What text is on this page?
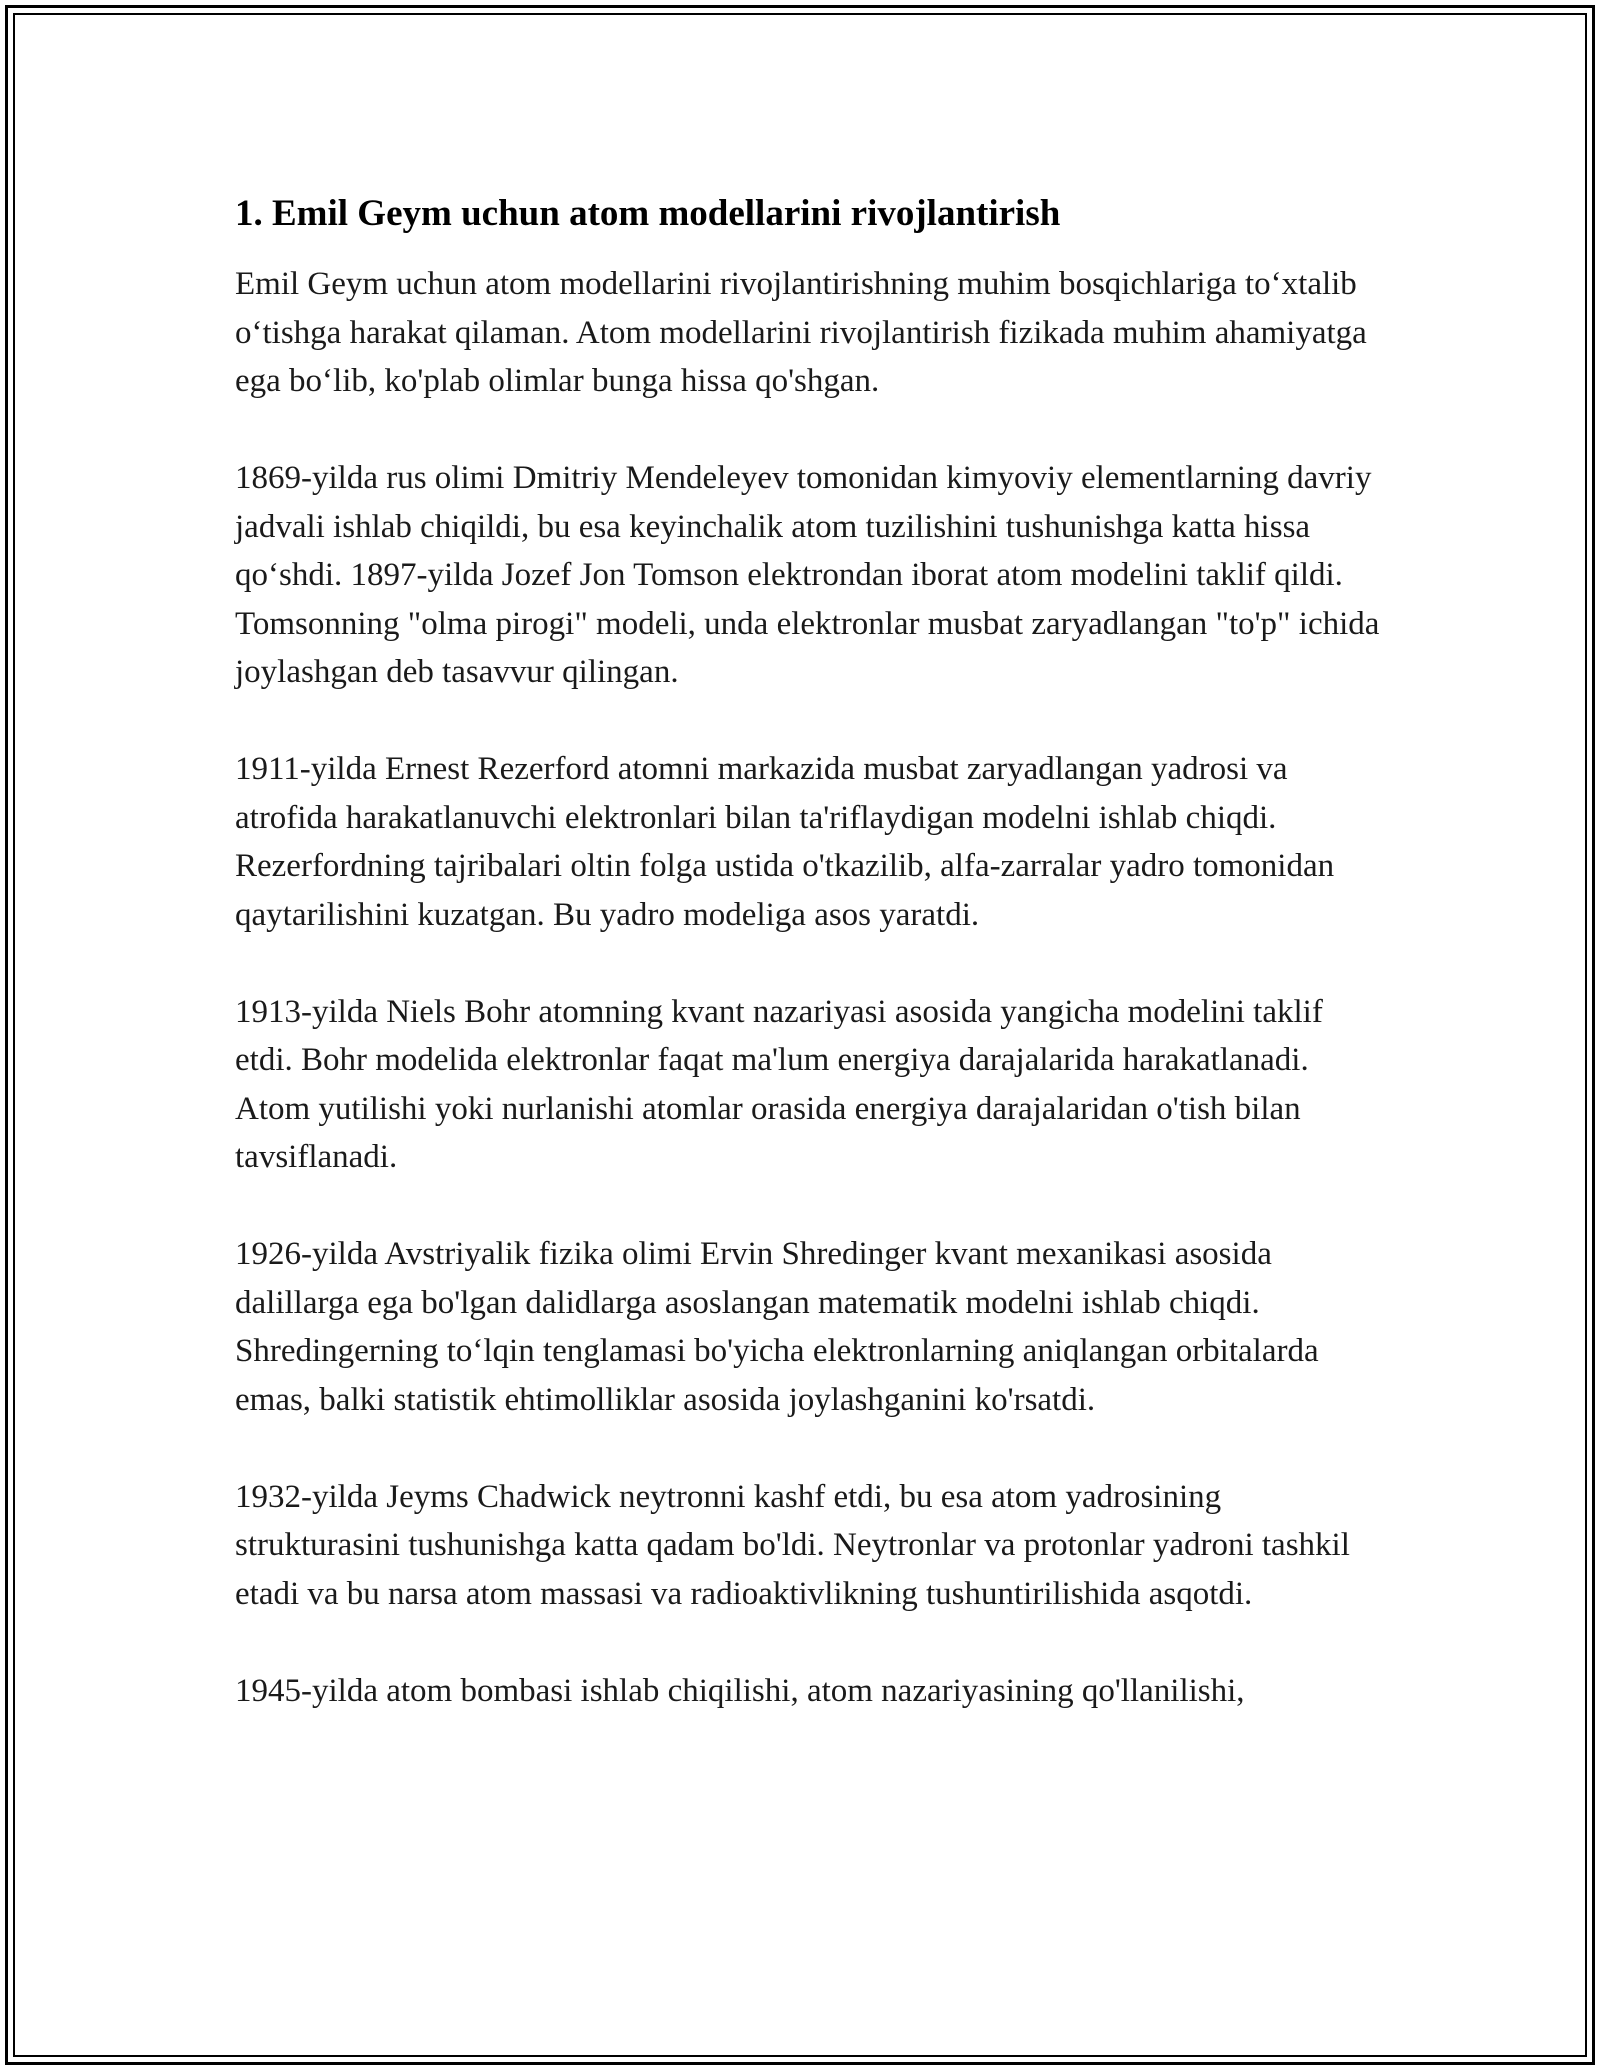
1. Emil Geym uchun atom modellarini rivojlantirish

Emil Geym uchun atom modellarini rivojlantirishning muhim bosqichlariga to‘xtalib o‘tishga harakat qilaman. Atom modellarini rivojlantirish fizikada muhim ahamiyatga ega bo‘lib, ko'plab olimlar bunga hissa qo'shgan.

1869-yilda rus olimi Dmitriy Mendeleyev tomonidan kimyoviy elementlarning davriy jadvali ishlab chiqildi, bu esa keyinchalik atom tuzilishini tushunishga katta hissa qo‘shdi. 1897-yilda Jozef Jon Tomson elektrondan iborat atom modelini taklif qildi. Tomsonning "olma pirogi" modeli, unda elektronlar musbat zaryadlangan "to'p" ichida joylashgan deb tasavvur qilingan.

1911-yilda Ernest Rezerford atomni markazida musbat zaryadlangan yadrosi va atrofida harakatlanuvchi elektronlari bilan ta'riflaydigan modelni ishlab chiqdi. Rezerfordning tajribalari oltin folga ustida o'tkazilib, alfa-zarralar yadro tomonidan qaytarilishini kuzatgan. Bu yadro modeliga asos yaratdi.

1913-yilda Niels Bohr atomning kvant nazariyasi asosida yangicha modelini taklif etdi. Bohr modelida elektronlar faqat ma'lum energiya darajalarida harakatlanadi. Atom yutilishi yoki nurlanishi atomlar orasida energiya darajalaridan o'tish bilan tavsiflanadi.

1926-yilda Avstriyalik fizika olimi Ervin Shredinger kvant mexanikasi asosida dalillarga ega bo'lgan dalidlarga asoslangan matematik modelni ishlab chiqdi. Shredingerning to‘lqin tenglamasi bo'yicha elektronlarning aniqlangan orbitalarda emas, balki statistik ehtimolliklar asosida joylashganini ko'rsatdi.

1932-yilda Jeyms Chadwick neytronni kashf etdi, bu esa atom yadrosining strukturasini tushunishga katta qadam bo'ldi. Neytronlar va protonlar yadroni tashkil etadi va bu narsa atom massasi va radioaktivlikning tushuntirilishida asqotdi.

1945-yilda atom bombasi ishlab chiqilishi, atom nazariyasining qo'llanilishi,
